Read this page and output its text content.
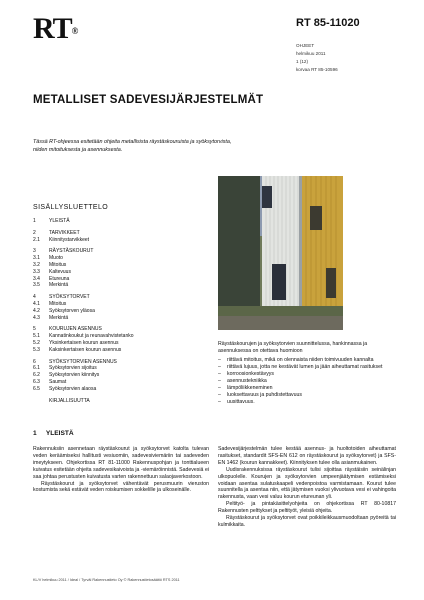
RT®
RT 85-11020
OHJEET
helmikuu 2011
1 (12)
korvaa RT 85-10596
METALLISET SADEVESIJÄRJESTELMÄT
Tässä RT-ohjeessa esitetään ohjeita metallisista räystäskouruista ja syöksytorvista, niiden mitoituksesta ja asennuksesta.
SISÄLLYSLUETTELO
1	YLEISTÄ
2	TARVIKKEET
2.1	Kiinnitystarvikkeet
3	RÄYSTÄSKOURUT
3.1	Muoto
3.2	Mitoitus
3.3	Kaltevuus
3.4	Etureuna
3.5	Merkintä
4	SYÖKSYTORVET
4.1	Mitoitus
4.2	Syöksytorven yläosa
4.3	Merkintä
5	KOURUJEN ASENNUS
5.1	Kannatinkoukut ja reunavahvistetanko
5.2	Yksinkertaisen kourun asennus
5.3	Kaksinkertaisen kourun asennus
6	SYÖKSYTORVIEN ASENNUS
6.1	Syöksytorvien sijoitus
6.2	Syöksytorvien kiinnitys
6.3	Saumat
6.5	Syöksytorvien alaosa
KIRJALLISUUTTA
Räystäskourujen ja syöksytorvien suunnittelussa, hankinnassa ja asennuksessa on otettava huomioon
– riittävä mitoitus, mikä on olennaista niiden toimivuuden kannalta
– riittävä lujuus, jotta ne kestävät lumen ja jään aiheuttamat rasitukset
– korroosionkestävyys
– asennustekniikka
– lämpöliikkeneminen
– luoksettavuus ja puhdistettavuus
– uusittavuus.
1 YLEISTÄ

Rakennuksiin asennetaan räystäskourut ja syöksytorvet katolta tulevan veden keräämiseksi hallitusti vesiuomiin, sadevesiviemäriin tai sadeveden imeytykseen. Ohjekortissa RT 81-11000 Rakennuspohjan ja tonttialueen kuivatus esitetään ohjeita sadevesikaivoista ja -viemäröinnistä. Sadevesiä ei saa johtaa perustusten kuivatusta varten rakennettuun salaojaverkostoon.

Räystäskourut ja syöksytorvet vähentävät perusmuurin vieruston kostumista sekä estävät veden roiskumisen sokkelille ja ulkoseinälle.

Sadevesijärjestelmän tulee kestää asennus- ja huoltotoiden aiheuttamat rasitukset, standardit SFS-EN 612 on räystäskourut ja syöksytorvet) ja SFS-EN 1462 (kourun kannakkeet). Kiinnityksen tulee olla asianmukainen.

Uudisrakennuksissa räystäskourut tulisi sijoittaa räystäisiin seinälinjan ulkopuolelle. Kourujen ja syöksytorvien umpeenjäätymisen estämiseksi voidaan asentaa sulatuskaapeli vedenpoistoa varmistamaan. Kourut tulee suunnitella ja asentaa niin, että jätymisen vuoksi ylivuotava vesi ei vahingoita rakennusta, vaan vesi valuu kourun etureunan yli.

Peltityö- ja pintakäsittelyohjeita on ohjekortissa RT 80-10817 Rakennusten pelttykset ja peltityöt, yleisiä ohjeita.

Räystäskourut ja syöksytorvet ovat poikkileikkausmuodoltaan pyöreitä tai kulmikkaita.

KL/V helmikuu 2011 / Ideal / Tyrväl Rakennustieto Oy © Rakennustietosäätiö RTS 2011
